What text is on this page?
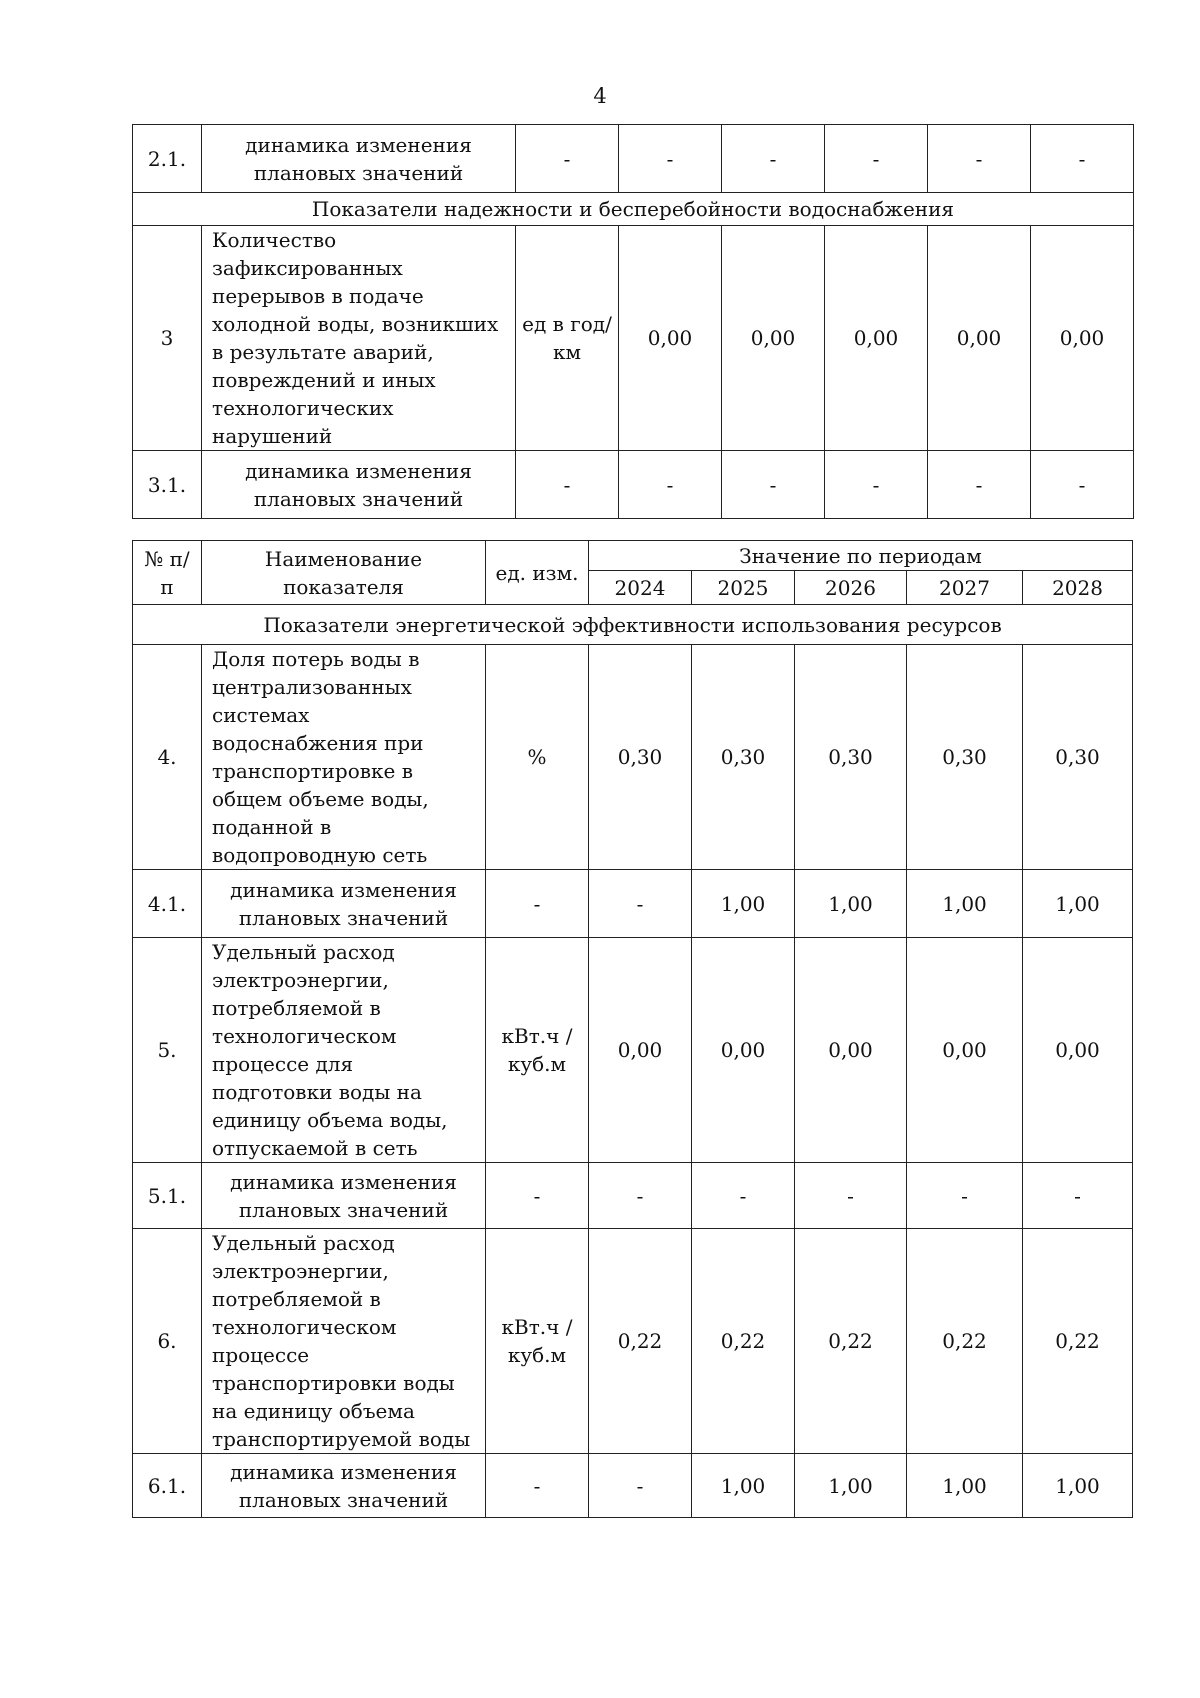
4
2.1.	динамика изменения плановых значений	-	-	-	-	-	-
Показатели надежности и бесперебойности водоснабжения							
3	Количество зафиксированных перерывов в подаче холодной воды, возникших в результате аварий, повреждений и иных технологических нарушений	ед в год/ км	0,00	0,00	0,00	0,00	0,00
3.1.	динамика изменения плановых значений	-	-	-	-	-	-
№ п/п	Наименование показателя	ед. изм.	Значение по периодам				
			2024	2025	2026	2027	2028
Показатели энергетической эффективности использования ресурсов							
4.	Доля потерь воды в централизованных системах водоснабжения при транспортировке в общем объеме воды, поданной в водопроводную сеть	%	0,30	0,30	0,30	0,30	0,30
4.1.	динамика изменения плановых значений	-	-	1,00	1,00	1,00	1,00
5.	Удельный расход электроэнергии, потребляемой в технологическом процессе для подготовки воды на единицу объема воды, отпускаемой в сеть	кВт.ч / куб.м	0,00	0,00	0,00	0,00	0,00
5.1.	динамика изменения плановых значений	-	-	-	-	-	-
6.	Удельный расход электроэнергии, потребляемой в технологическом процессе транспортировки воды на единицу объема транспортируемой воды	кВт.ч / куб.м	0,22	0,22	0,22	0,22	0,22
6.1.	динамика изменения плановых значений	-	-	1,00	1,00	1,00	1,00
